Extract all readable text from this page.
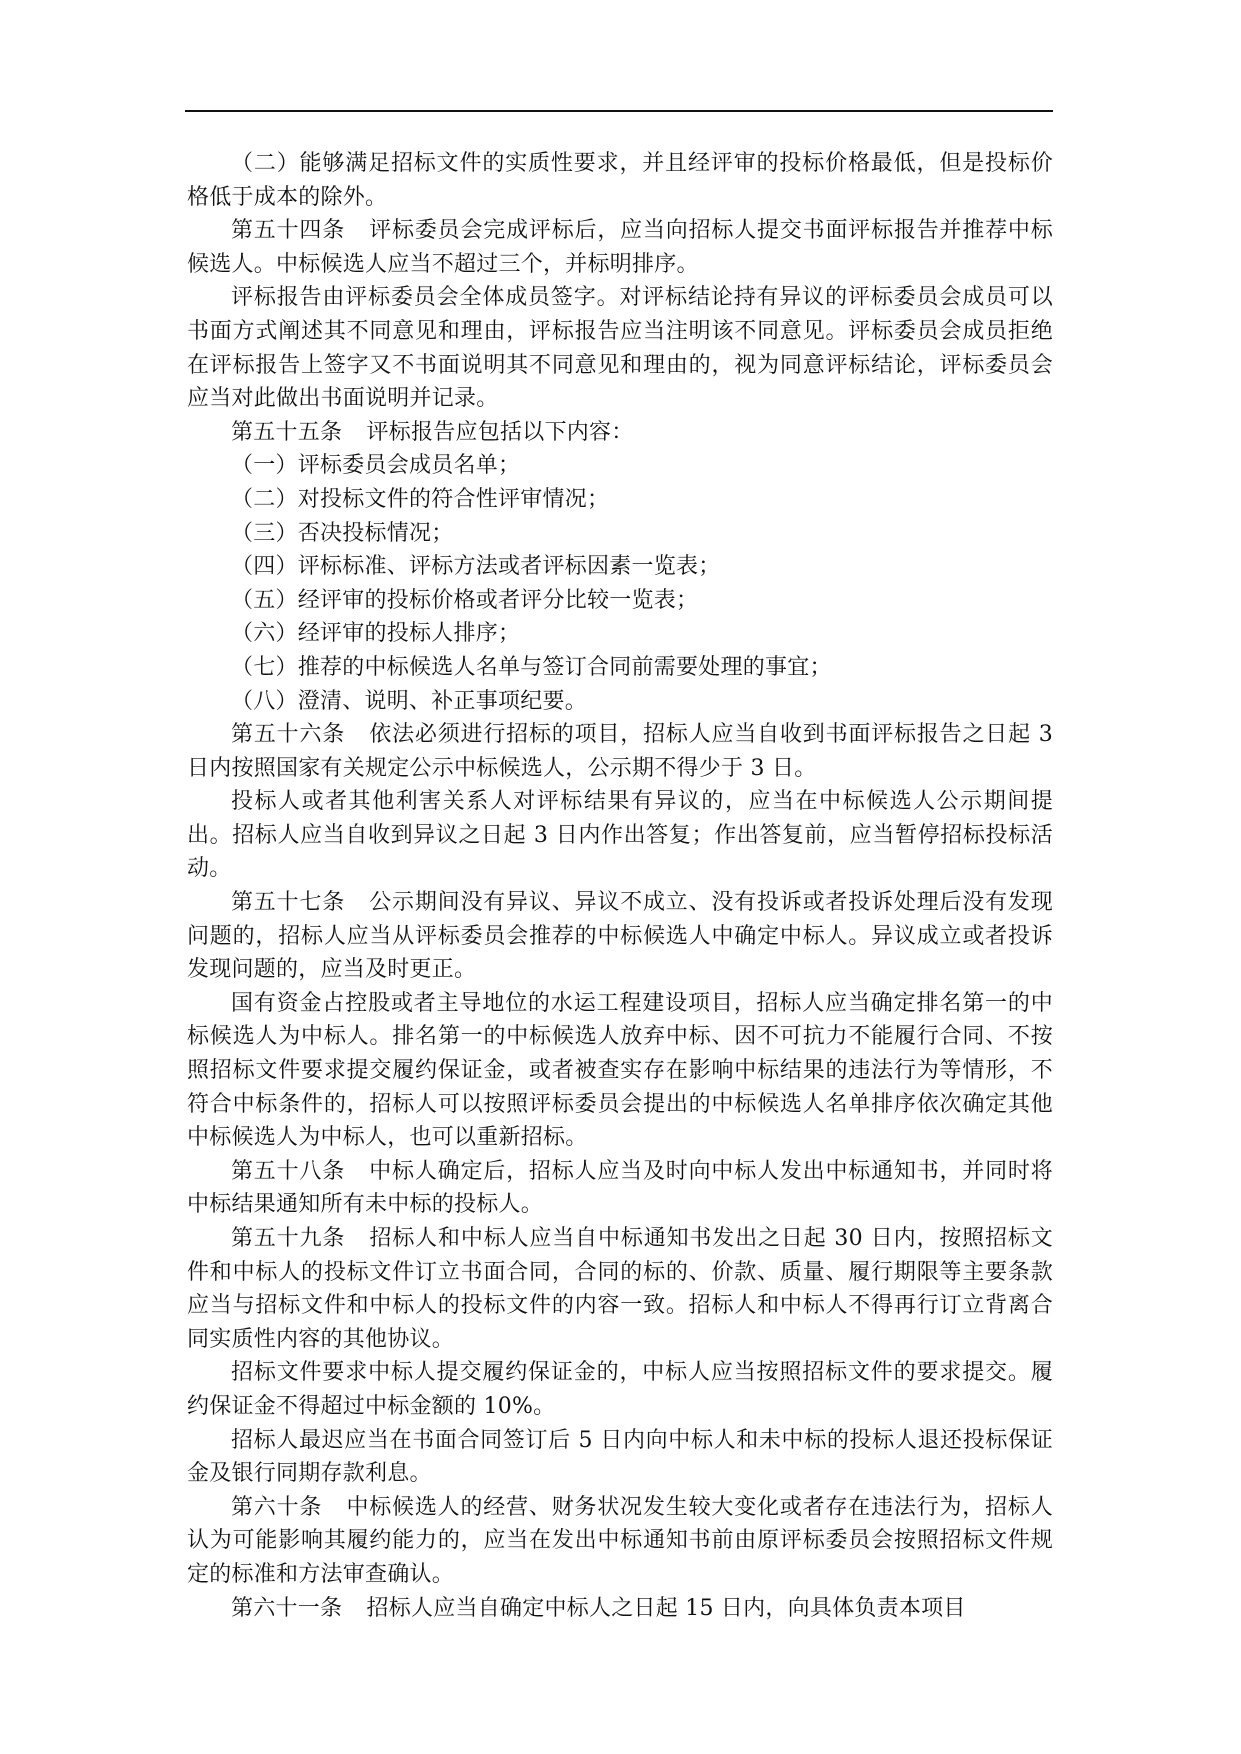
（二）能够满足招标文件的实质性要求，并且经评审的投标价格最低，但是投标价格低于成本的除外。

第五十四条 评标委员会完成评标后，应当向招标人提交书面评标报告并推荐中标候选人。中标候选人应当不超过三个，并标明排序。

评标报告由评标委员会全体成员签字。对评标结论持有异议的评标委员会成员可以书面方式阐述其不同意见和理由，评标报告应当注明该不同意见。评标委员会成员拒绝在评标报告上签字又不书面说明其不同意见和理由的，视为同意评标结论，评标委员会应当对此做出书面说明并记录。

第五十五条 评标报告应包括以下内容：

（一）评标委员会成员名单；

（二）对投标文件的符合性评审情况；

（三）否决投标情况；

（四）评标标准、评标方法或者评标因素一览表；

（五）经评审的投标价格或者评分比较一览表；

（六）经评审的投标人排序；

（七）推荐的中标候选人名单与签订合同前需要处理的事宜；

（八）澄清、说明、补正事项纪要。

第五十六条 依法必须进行招标的项目，招标人应当自收到书面评标报告之日起 3 日内按照国家有关规定公示中标候选人，公示期不得少于 3 日。

投标人或者其他利害关系人对评标结果有异议的，应当在中标候选人公示期间提出。招标人应当自收到异议之日起 3 日内作出答复；作出答复前，应当暂停招标投标活动。

第五十七条 公示期间没有异议、异议不成立、没有投诉或者投诉处理后没有发现问题的，招标人应当从评标委员会推荐的中标候选人中确定中标人。异议成立或者投诉发现问题的，应当及时更正。

国有资金占控股或者主导地位的水运工程建设项目，招标人应当确定排名第一的中标候选人为中标人。排名第一的中标候选人放弃中标、因不可抗力不能履行合同、不按照招标文件要求提交履约保证金，或者被查实存在影响中标结果的违法行为等情形，不符合中标条件的，招标人可以按照评标委员会提出的中标候选人名单排序依次确定其他中标候选人为中标人，也可以重新招标。

第五十八条 中标人确定后，招标人应当及时向中标人发出中标通知书，并同时将中标结果通知所有未中标的投标人。

第五十九条 招标人和中标人应当自中标通知书发出之日起 30 日内，按照招标文件和中标人的投标文件订立书面合同，合同的标的、价款、质量、履行期限等主要条款应当与招标文件和中标人的投标文件的内容一致。招标人和中标人不得再行订立背离合同实质性内容的其他协议。

招标文件要求中标人提交履约保证金的，中标人应当按照招标文件的要求提交。履约保证金不得超过中标金额的 10%。

招标人最迟应当在书面合同签订后 5 日内向中标人和未中标的投标人退还投标保证金及银行同期存款利息。

第六十条 中标候选人的经营、财务状况发生较大变化或者存在违法行为，招标人认为可能影响其履约能力的，应当在发出中标通知书前由原评标委员会按照招标文件规定的标准和方法审查确认。

第六十一条 招标人应当自确定中标人之日起 15 日内，向具体负责本项目
